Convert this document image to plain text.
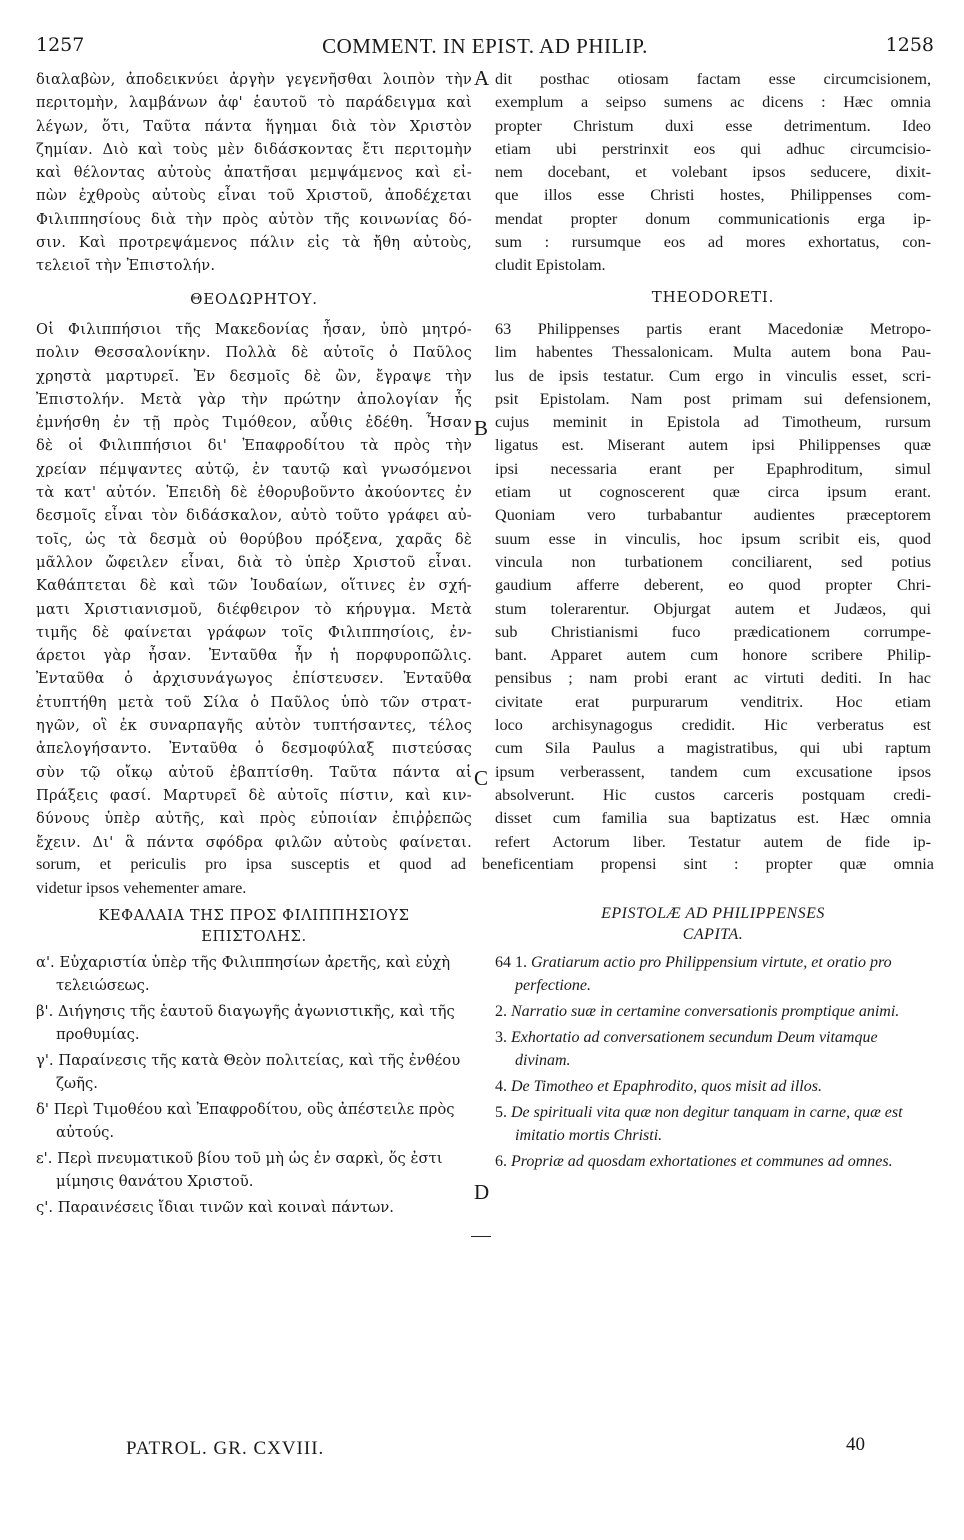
1257	COMMENT. IN EPIST. AD PHILIP.	1258
διαλαβὼν, ἀποδεικνύει ἀργὴν γεγενῆσθαι λοιπὸν τὴν
περιτομὴν, λαμβάνων ἀφ' ἑαυτοῦ τὸ παράδειγμα καὶ
λέγων, ὅτι, Ταῦτα πάντα ἥγημαι διὰ τὸν Χριστὸν
ζημίαν. Διὸ καὶ τοὺς μὲν διδάσκοντας ἔτι περιτομὴν
καὶ θέλοντας αὐτοὺς ἀπατῆσαι μεμψάμενος καὶ εἰ-
πὼν ἐχθροὺς αὐτοὺς εἶναι τοῦ Χριστοῦ, ἀποδέχεται
Φιλιππησίους διὰ τὴν πρὸς αὐτὸν τῆς κοινωνίας δό-
σιν. Καὶ προτρεψάμενος πάλιν εἰς τὰ ἤθη αὐτοὺς,
τελειοῖ τὴν Ἐπιστολήν.
dit posthac otiosam factam esse circumcisionem,
exemplum a seipso sumens ac dicens : Hæc omnia
propter Christum duxi esse detrimentum. Ideo
etiam ubi perstrinxit eos qui adhuc circumcisio-
nem docebant, et volebant ipsos seducere, dixit-
que illos esse Christi hostes, Philippenses com-
mendat propter donum communicationis erga ip-
sum : rursumque eos ad mores exhortatus, con-
cludit Epistolam.
ΘΕΟΔΩΡΗΤΟΥ.	THEODORETI.
Οἱ Φιλιππήσιοι τῆς Μακεδονίας ἦσαν, ὑπὸ μητρό-
πολιν Θεσσαλονίκην. Πολλὰ δὲ αὐτοῖς ὁ Παῦλος
χρηστὰ μαρτυρεῖ. Ἐν δεσμοῖς δὲ ὢν, ἔγραψε τὴν
Ἐπιστολήν. Μετὰ γὰρ τὴν πρώτην ἀπολογίαν ἧς
ἐμνήσθη ἐν τῇ πρὸς Τιμόθεον, αὖθις ἐδέθη. Ἦσαν
δὲ οἱ Φιλιππήσιοι δι' Ἐπαφροδίτου τὰ πρὸς τὴν
χρείαν πέμψαντες αὐτῷ, ἐν ταυτῷ καὶ γνωσόμενοι
τὰ κατ' αὐτόν. Ἐπειδὴ δὲ ἐθορυβοῦντο ἀκούοντες ἐν
δεσμοῖς εἶναι τὸν διδάσκαλον, αὐτὸ τοῦτο γράφει αὐ-
τοῖς, ὡς τὰ δεσμὰ οὐ θορύβου πρόξενα, χαρᾶς δὲ
μᾶλλον ὤφειλεν εἶναι, διὰ τὸ ὑπὲρ Χριστοῦ εἶναι.
Καθάπτεται δὲ καὶ τῶν Ἰουδαίων, οἵτινες ἐν σχή-
ματι Χριστιανισμοῦ, διέφθειρον τὸ κήρυγμα. Μετὰ
τιμῆς δὲ φαίνεται γράφων τοῖς Φιλιππησίοις, ἐν-
άρετοι γὰρ ἦσαν. Ἐνταῦθα ἦν ἡ πορφυροπῶλις.
Ἐνταῦθα ὁ ἀρχισυνάγωγος ἐπίστευσεν. Ἐνταῦθα
ἐτυπτήθη μετὰ τοῦ Σίλα ὁ Παῦλος ὑπὸ τῶν στρατ-
ηγῶν, οἳ ἐκ συναρπαγῆς αὐτὸν τυπτήσαντες, τέλος
ἀπελογήσαντο. Ἐνταῦθα ὁ δεσμοφύλαξ πιστεύσας
σὺν τῷ οἴκῳ αὐτοῦ ἐβαπτίσθη. Ταῦτα πάντα αἱ
Πράξεις φασί. Μαρτυρεῖ δὲ αὐτοῖς πίστιν, καὶ κιν-
δύνους ὑπὲρ αὐτῆς, καὶ πρὸς εὐποιίαν ἐπιῤῥεπῶς
ἔχειν. Δι' ἃ πάντα σφόδρα φιλῶν αὐτοὺς φαίνεται.
63 Philippenses partis erant Macedoniæ Metropo-
lim habentes Thessalonicam. Multa autem bona Pau-
lus de ipsis testatur. Cum ergo in vinculis esset, scri-
psit Epistolam. Nam post primam sui defensionem,
cujus meminit in Epistola ad Timotheum, rursum
ligatus est. Miserant autem ipsi Philippenses quæ
ipsi necessaria erant per Epaphroditum, simul
etiam ut cognoscerent quæ circa ipsum erant.
Quoniam vero turbabantur audientes præceptorem
suum esse in vinculis, hoc ipsum scribit eis, quod
vincula non turbationem conciliarent, sed potius
gaudium afferre deberent, eo quod propter Chri-
stum tolerarentur. Objurgat autem et Judæos, qui
sub Christianismi fuco prædicationem corrumpe-
bant. Apparet autem cum honore scribere Philip-
pensibus ; nam probi erant ac virtuti dediti. In hac
civitate erat purpurarum venditrix. Hoc etiam
loco archisynagogus credidit. Hic verberatus est
cum Sila Paulus a magistratibus, qui ubi raptum
ipsum verberassent, tandem cum excusatione ipsos
absolverunt. Hic custos carceris postquam credi-
disset cum familia sua baptizatus est. Hæc omnia
refert Actorum liber. Testatur autem de fide ip-
sorum, et periculis pro ipsa susceptis et quod ad beneficentiam propensi sint : propter quæ omnia
videtur ipsos vehementer amare.
ΚΕΦΑΛΑΙΑ ΤΗΣ ΠΡΟΣ ΦΙΛΙΠΠΗΣΙΟΥΣ
ΕΠΙΣΤΟΛΗΣ.
EPISTOLÆ AD PHILIPPENSES
CAPITA.
α'. Εὐχαριστία ὑπὲρ τῆς Φιλιππησίων ἀρετῆς, καὶ εὐχὴ τελειώσεως.
β'. Διήγησις τῆς ἑαυτοῦ διαγωγῆς ἀγωνιστικῆς, καὶ τῆς προθυμίας.
γ'. Παραίνεσις τῆς κατὰ Θεὸν πολιτείας, καὶ τῆς ἐνθέου ζωῆς.
δ' Περὶ Τιμοθέου καὶ Ἐπαφροδίτου, οὓς ἀπέστειλε πρὸς αὐτούς.
ε'. Περὶ πνευματικοῦ βίου τοῦ μὴ ὡς ἐν σαρκὶ, ὅς ἐστι μίμησις θανάτου Χριστοῦ.
ς'. Παραινέσεις ἴδιαι τινῶν καὶ κοιναὶ πάντων.
64 1. Gratiarum actio pro Philippensium virtute, et oratio pro perfectione.
2. Narratio suæ in certamine conversationis promptique animi.
3. Exhortatio ad conversationem secundum Deum vitamque divinam.
4. De Timotheo et Epaphrodito, quos misit ad illos.
5. De spirituali vita quæ non degitur tanquam in carne, quæ est imitatio mortis Christi.
6. Propriæ ad quosdam exhortationes et communes ad omnes.
A
B
C
D
PATROL. GR. CXVIII.	40
